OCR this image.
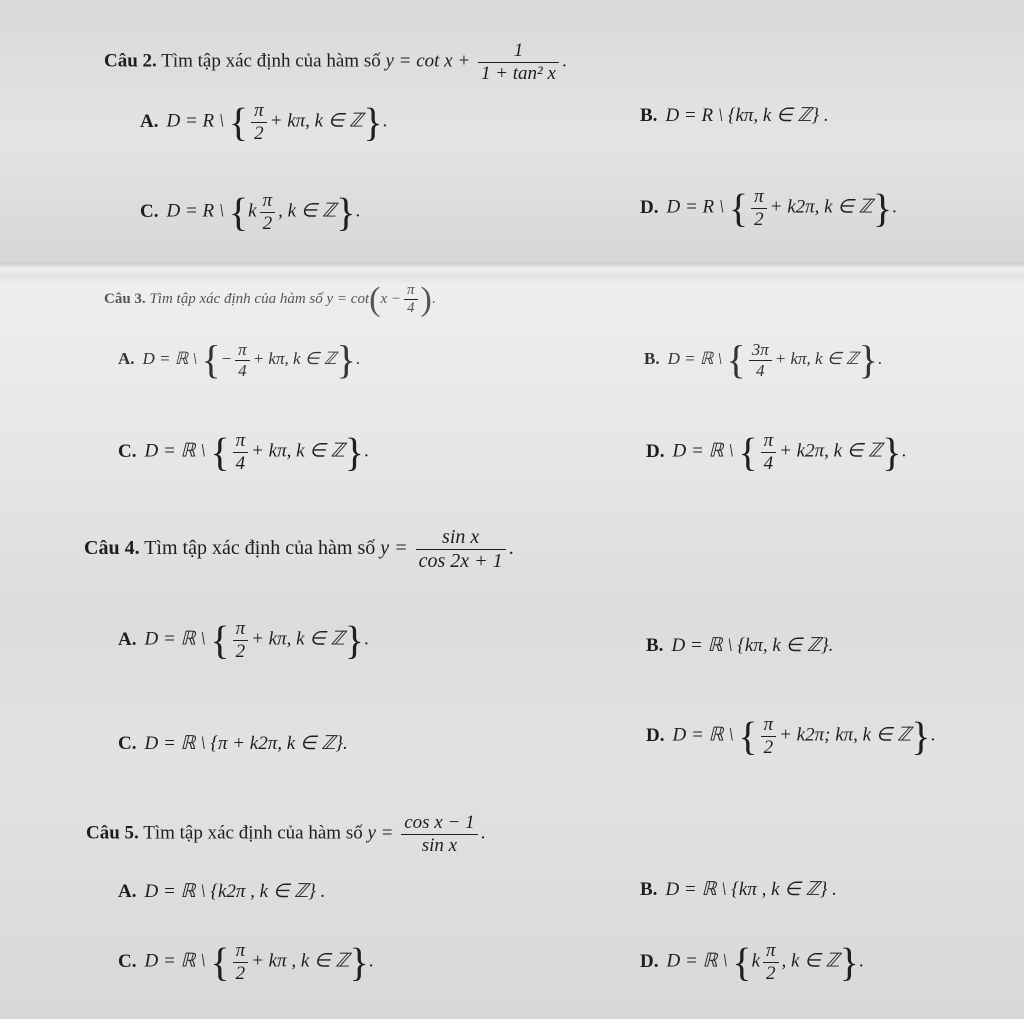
Câu 2. Tìm tập xác định của hàm số $y = \cot x + \frac{1}{\text{1 + tan² x}}$ .
A. D = R \ { $\frac{\pi}{2} + k\pi$, k ∈ ℤ}.	B. D = R \ {kπ, k ∈ ℤ} .
C. D = R \ {$k \frac{\pi}{2}$ , k ∈ ℤ}.	D. D = R \ { $\frac{\pi}{2} + k2\pi$, k ∈ ℤ}.
Câu 3. Tìm tập xác định của hàm số $y = \cot(x - \frac{\pi}{4}$ ).
A. D = ℝ \ {− $\frac{\pi}{4} + k\pi$, k ∈ ℤ}.	B. D = ℝ \ { $\frac{3\pi}{4} + k\pi$, k ∈ ℤ}.
C. D = ℝ \ { $\frac{\pi}{4} + k\pi$, k ∈ ℤ}.	D. D = ℝ \ { $\frac{\pi}{4} + k2\pi$, k ∈ ℤ}.
Câu 4. Tìm tập xác định của hàm số $y = \frac{\text{sin x}}{\cos 2x + 1}$ .
A. D = ℝ \ { $\frac{\pi}{2} + k\pi$, k ∈ ℤ}.	B. D = ℝ \ {kπ, k ∈ ℤ}.
C. D = ℝ \ {π + k2π, k ∈ ℤ}.	D. D = ℝ \ { $\frac{\pi}{2} + k2\pi$; kπ, k ∈ ℤ}.
Câu 5. Tìm tập xác định của hàm số $y = \frac{\text{cos x − 1}}{\text{sin x}}$ .
A. D = ℝ \ {k2π , k ∈ ℤ} .	B. D = ℝ \ {kπ , k ∈ ℤ} .
C. D = ℝ \ { $\frac{\pi}{2} + k\pi$ , k ∈ ℤ}.	D. D = ℝ \ {$k \frac{\pi}{2}$ , k ∈ ℤ}.
